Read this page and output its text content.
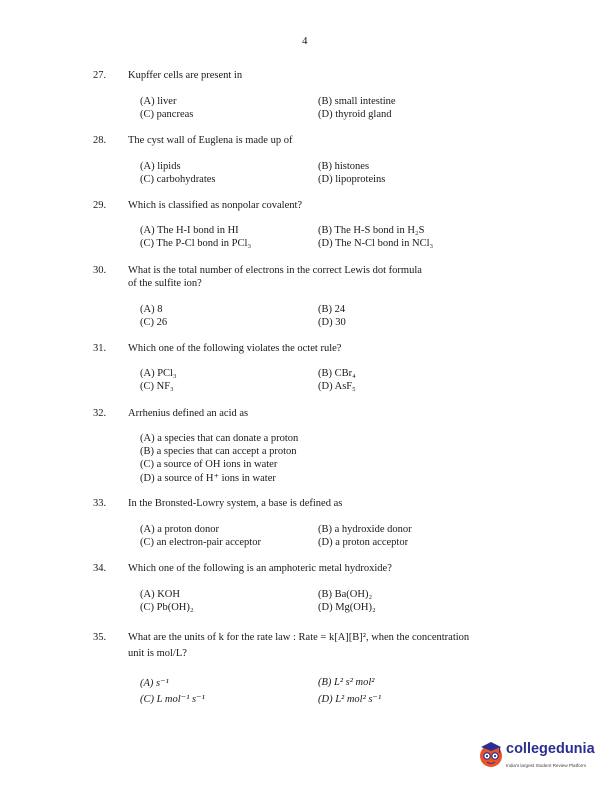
4
27. Kupffer cells are present in
(A) liver	(B) small intestine
(C) pancreas	(D) thyroid gland
28. The cyst wall of Euglena is made up of
(A) lipids	(B) histones
(C) carbohydrates	(D) lipoproteins
29. Which is classified as nonpolar covalent?
(A) The H-I bond in HI	(B) The H-S bond in H₂S
(C) The P-Cl bond in PCl₃	(D) The N-Cl bond in NCl₃
30. What is the total number of electrons in the correct Lewis dot formula
of the sulfite ion?
(A) 8	(B) 24
(C) 26	(D) 30
31. Which one of the following violates the octet rule?
(A) PCl₃	(B) CBr₄
(C) NF₃	(D) AsF₅
32. Arrhenius defined an acid as
(A) a species that can donate a proton
(B) a species that can accept a proton
(C) a source of OH ions in water
(D) a source of H⁺ ions in water
33. In the Bronsted-Lowry system, a base is defined as
(A) a proton donor	(B) a hydroxide donor
(C) an electron-pair acceptor	(D) a proton acceptor
34. Which one of the following is an amphoteric metal hydroxide?
(A) KOH	(B) Ba(OH)₂
(C) Pb(OH)₂	(D) Mg(OH)₂
35. What are the units of k for the rate law : Rate = k[A][B]², when the concentration
unit is mol/L?
(A) s⁻¹	(B) L² s² mol²
(C) L mol⁻¹ s⁻¹	(D) L² mol² s⁻¹
collegedunia
India's largest Student Review Platform
